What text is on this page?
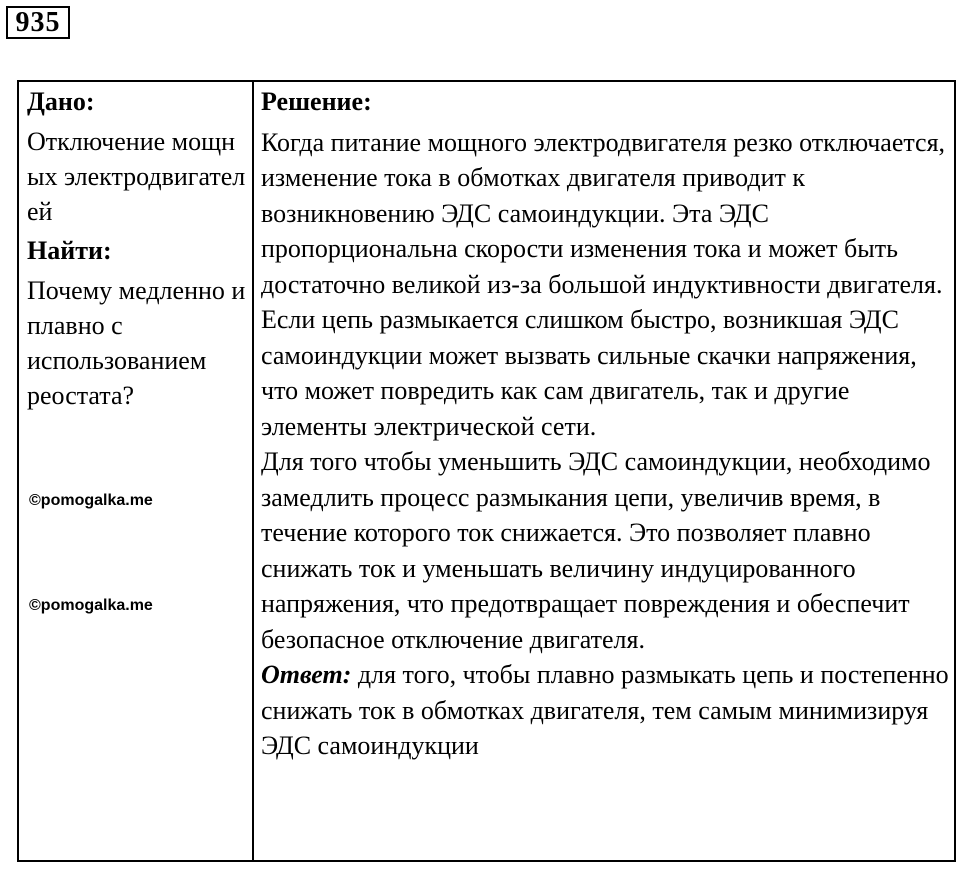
935
Дано:
Отключение мощных электродвигателей
Найти:
Почему медленно и плавно с использованием реостата?
©pomogalka.me
©pomogalka.me
Решение:
Когда питание мощного электродвигателя резко отключается, изменение тока в обмотках двигателя приводит к возникновению ЭДС самоиндукции. Эта ЭДС пропорциональна скорости изменения тока и может быть достаточно великой из-за большой индуктивности двигателя. Если цепь размыкается слишком быстро, возникшая ЭДС самоиндукции может вызвать сильные скачки напряжения, что может повредить как сам двигатель, так и другие элементы электрической сети.
Для того чтобы уменьшить ЭДС самоиндукции, необходимо замедлить процесс размыкания цепи, увеличив время, в течение которого ток снижается. Это позволяет плавно снижать ток и уменьшать величину индуцированного напряжения, что предотвращает повреждения и обеспечит безопасное отключение двигателя.
Ответ: для того, чтобы плавно размыкать цепь и постепенно снижать ток в обмотках двигателя, тем самым минимизируя ЭДС самоиндукции
